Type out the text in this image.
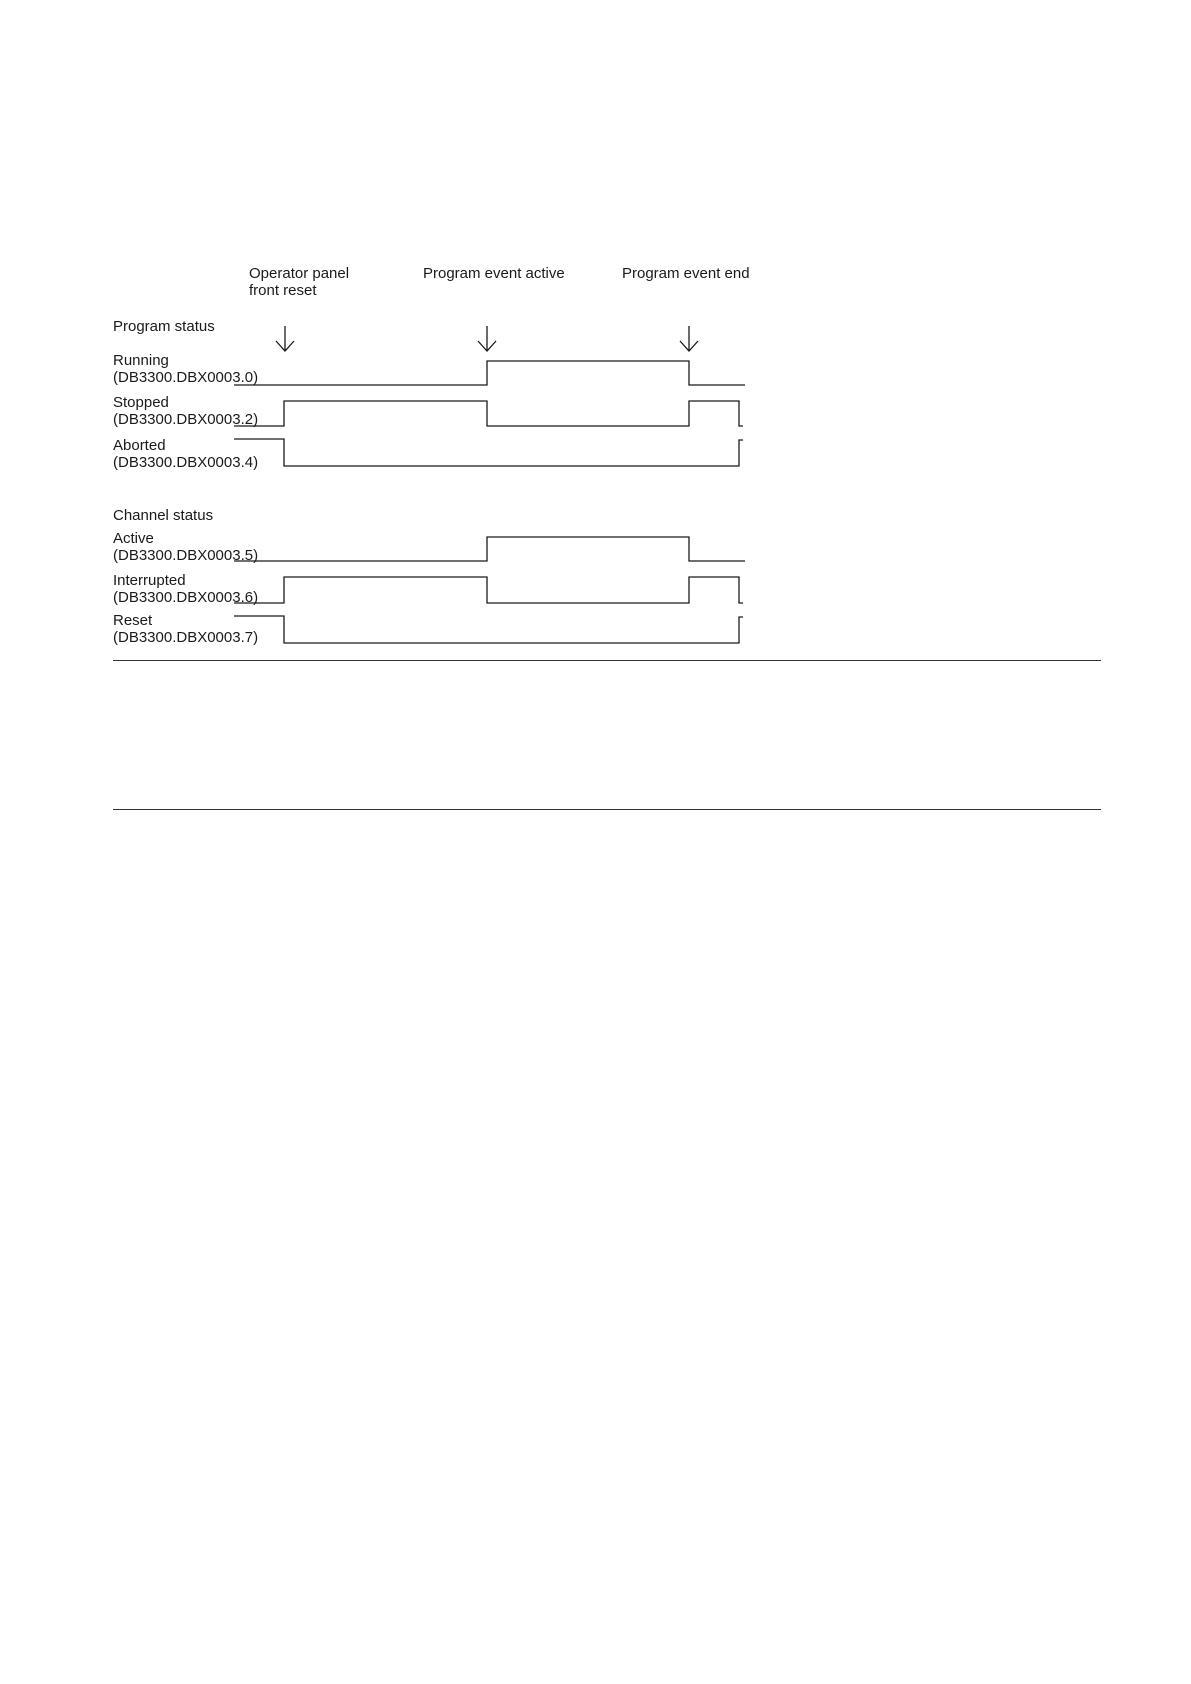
Operator panel
front reset
Program event active	Program event end
Program status
Running
(DB3300.DBX0003.0)
Stopped
(DB3300.DBX0003.2)
Aborted
(DB3300.DBX0003.4)
Channel status
Active
(DB3300.DBX0003.5)
Interrupted
(DB3300.DBX0003.6)
Reset
(DB3300.DBX0003.7)
